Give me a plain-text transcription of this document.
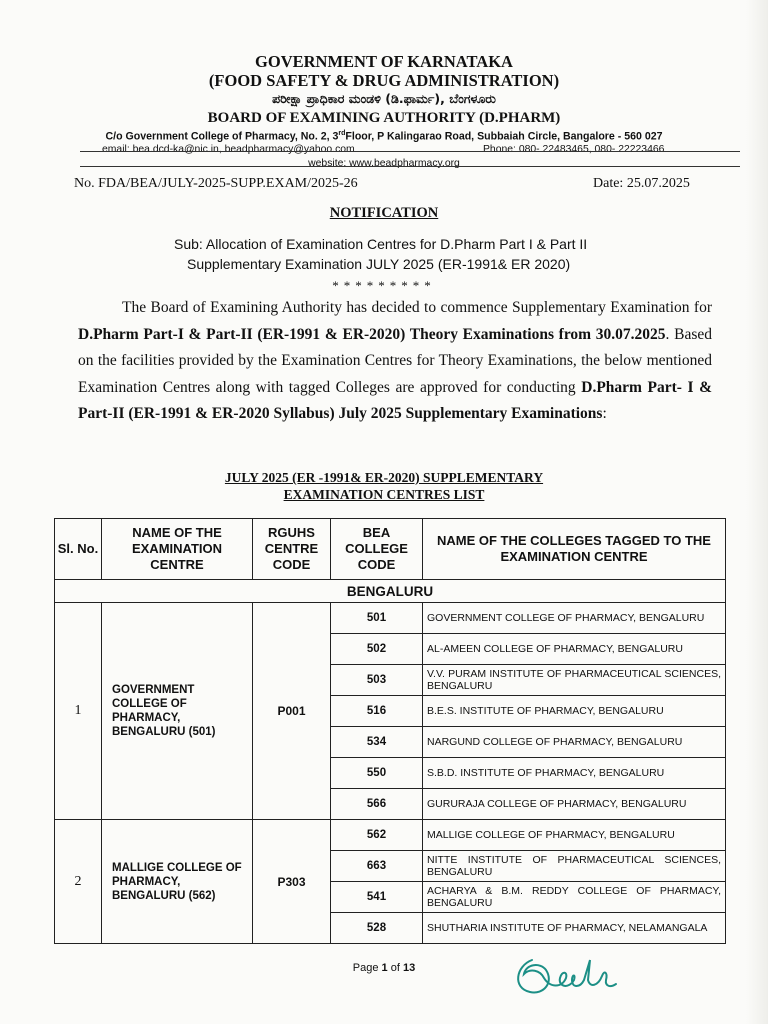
GOVERNMENT OF KARNATAKA
(FOOD SAFETY & DRUG ADMINISTRATION)
ಪರೀಕ್ಷಾ ಪ್ರಾಧಿಕಾರ ಮಂಡಳಿ (ಡಿ.ಫಾರ್ಮ), ಬೆಂಗಳೂರು
BOARD OF EXAMINING AUTHORITY (D.PHARM)
C/o Government College of Pharmacy, No. 2, 3rdFloor, P Kalingarao Road, Subbaiah Circle, Bangalore - 560 027
email: bea.dcd-ka@nic.in, beadpharmacy@yahoo.com	Phone: 080- 22483465, 080- 22223466
website: www.beadpharmacy.org
No. FDA/BEA/JULY-2025-SUPP.EXAM/2025-26	Date: 25.07.2025
NOTIFICATION
Sub: Allocation of Examination Centres for D.Pharm Part I & Part II
Supplementary Examination JULY 2025 (ER-1991& ER 2020)
*********
The Board of Examining Authority has decided to commence Supplementary Examination for D.Pharm Part-I & Part-II (ER-1991 & ER-2020) Theory Examinations from 30.07.2025. Based on the facilities provided by the Examination Centres for Theory Examinations, the below mentioned Examination Centres along with tagged Colleges are approved for conducting D.Pharm Part- I & Part-II (ER-1991 & ER-2020 Syllabus) July 2025 Supplementary Examinations:
JULY 2025 (ER -1991& ER-2020) SUPPLEMENTARY
EXAMINATION CENTRES LIST
Sl. No.	NAME OF THE EXAMINATION CENTRE	RGUHS CENTRE CODE	BEA COLLEGE CODE	NAME OF THE COLLEGES TAGGED TO THE EXAMINATION CENTRE
BENGALURU				
1	GOVERNMENT COLLEGE OF PHARMACY, BENGALURU (501)	P001	501	GOVERNMENT COLLEGE OF PHARMACY, BENGALURU
			502	AL-AMEEN COLLEGE OF PHARMACY, BENGALURU
			503	V.V. PURAM INSTITUTE OF PHARMACEUTICAL SCIENCES, BENGALURU
			516	B.E.S. INSTITUTE OF PHARMACY, BENGALURU
			534	NARGUND COLLEGE OF PHARMACY, BENGALURU
			550	S.B.D. INSTITUTE OF PHARMACY, BENGALURU
			566	GURURAJA COLLEGE OF PHARMACY, BENGALURU
2	MALLIGE COLLEGE OF PHARMACY, BENGALURU (562)	P303	562	MALLIGE COLLEGE OF PHARMACY, BENGALURU
			663	NITTE INSTITUTE OF PHARMACEUTICAL SCIENCES, BENGALURU
			541	ACHARYA & B.M. REDDY COLLEGE OF PHARMACY, BENGALURU
			528	SHUTHARIA INSTITUTE OF PHARMACY, NELAMANGALA
Page 1 of 13
